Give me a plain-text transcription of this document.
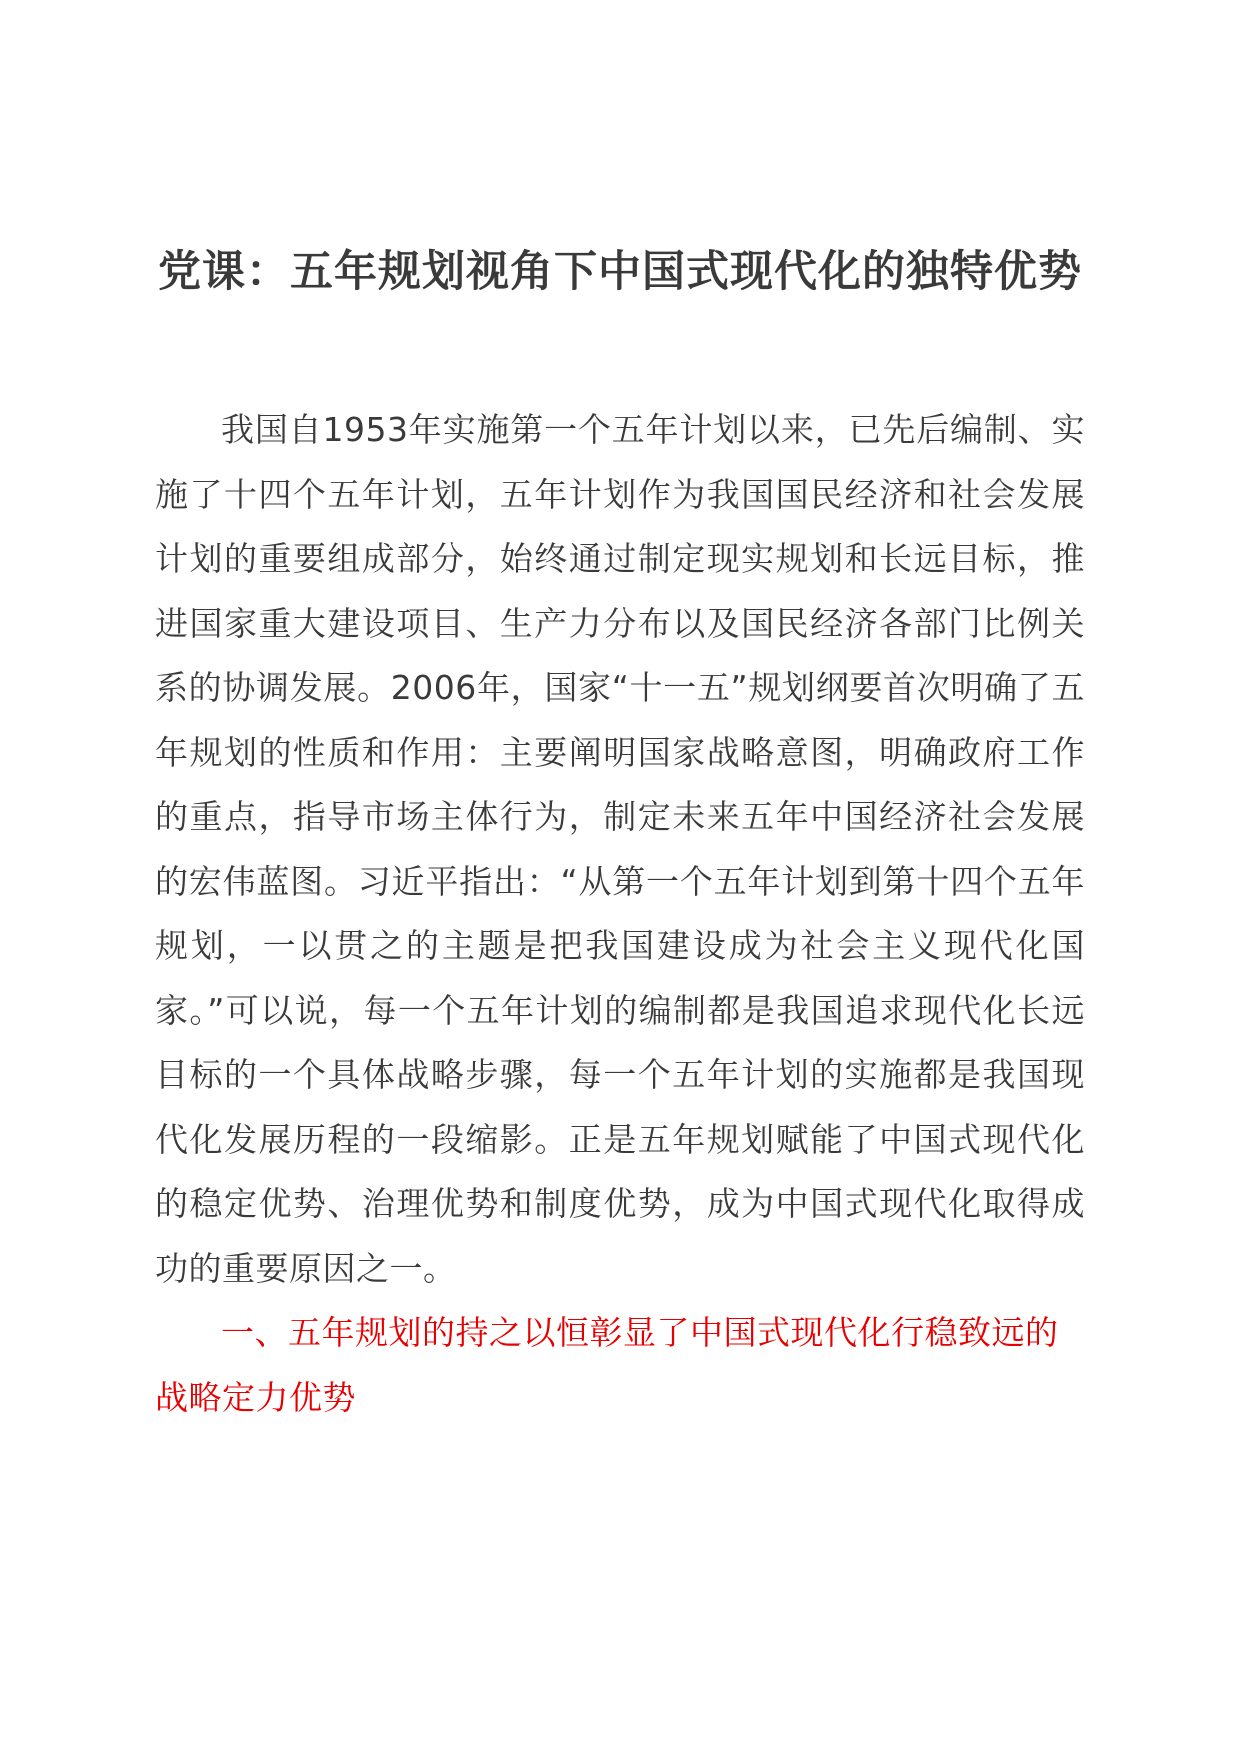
党课：五年规划视角下中国式现代化的独特优势

我国自1953年实施第一个五年计划以来，已先后编制、实施了十四个五年计划，五年计划作为我国国民经济和社会发展计划的重要组成部分，始终通过制定现实规划和长远目标，推进国家重大建设项目、生产力分布以及国民经济各部门比例关系的协调发展。2006年，国家“十一五”规划纲要首次明确了五年规划的性质和作用：主要阐明国家战略意图，明确政府工作的重点，指导市场主体行为，制定未来五年中国经济社会发展的宏伟蓝图。习近平指出：“从第一个五年计划到第十四个五年规划，一以贯之的主题是把我国建设成为社会主义现代化国家。”可以说，每一个五年计划的编制都是我国追求现代化长远目标的一个具体战略步骤，每一个五年计划的实施都是我国现代化发展历程的一段缩影。正是五年规划赋能了中国式现代化的稳定优势、治理优势和制度优势，成为中国式现代化取得成功的重要原因之一。

一、五年规划的持之以恒彰显了中国式现代化行稳致远的战略定力优势
